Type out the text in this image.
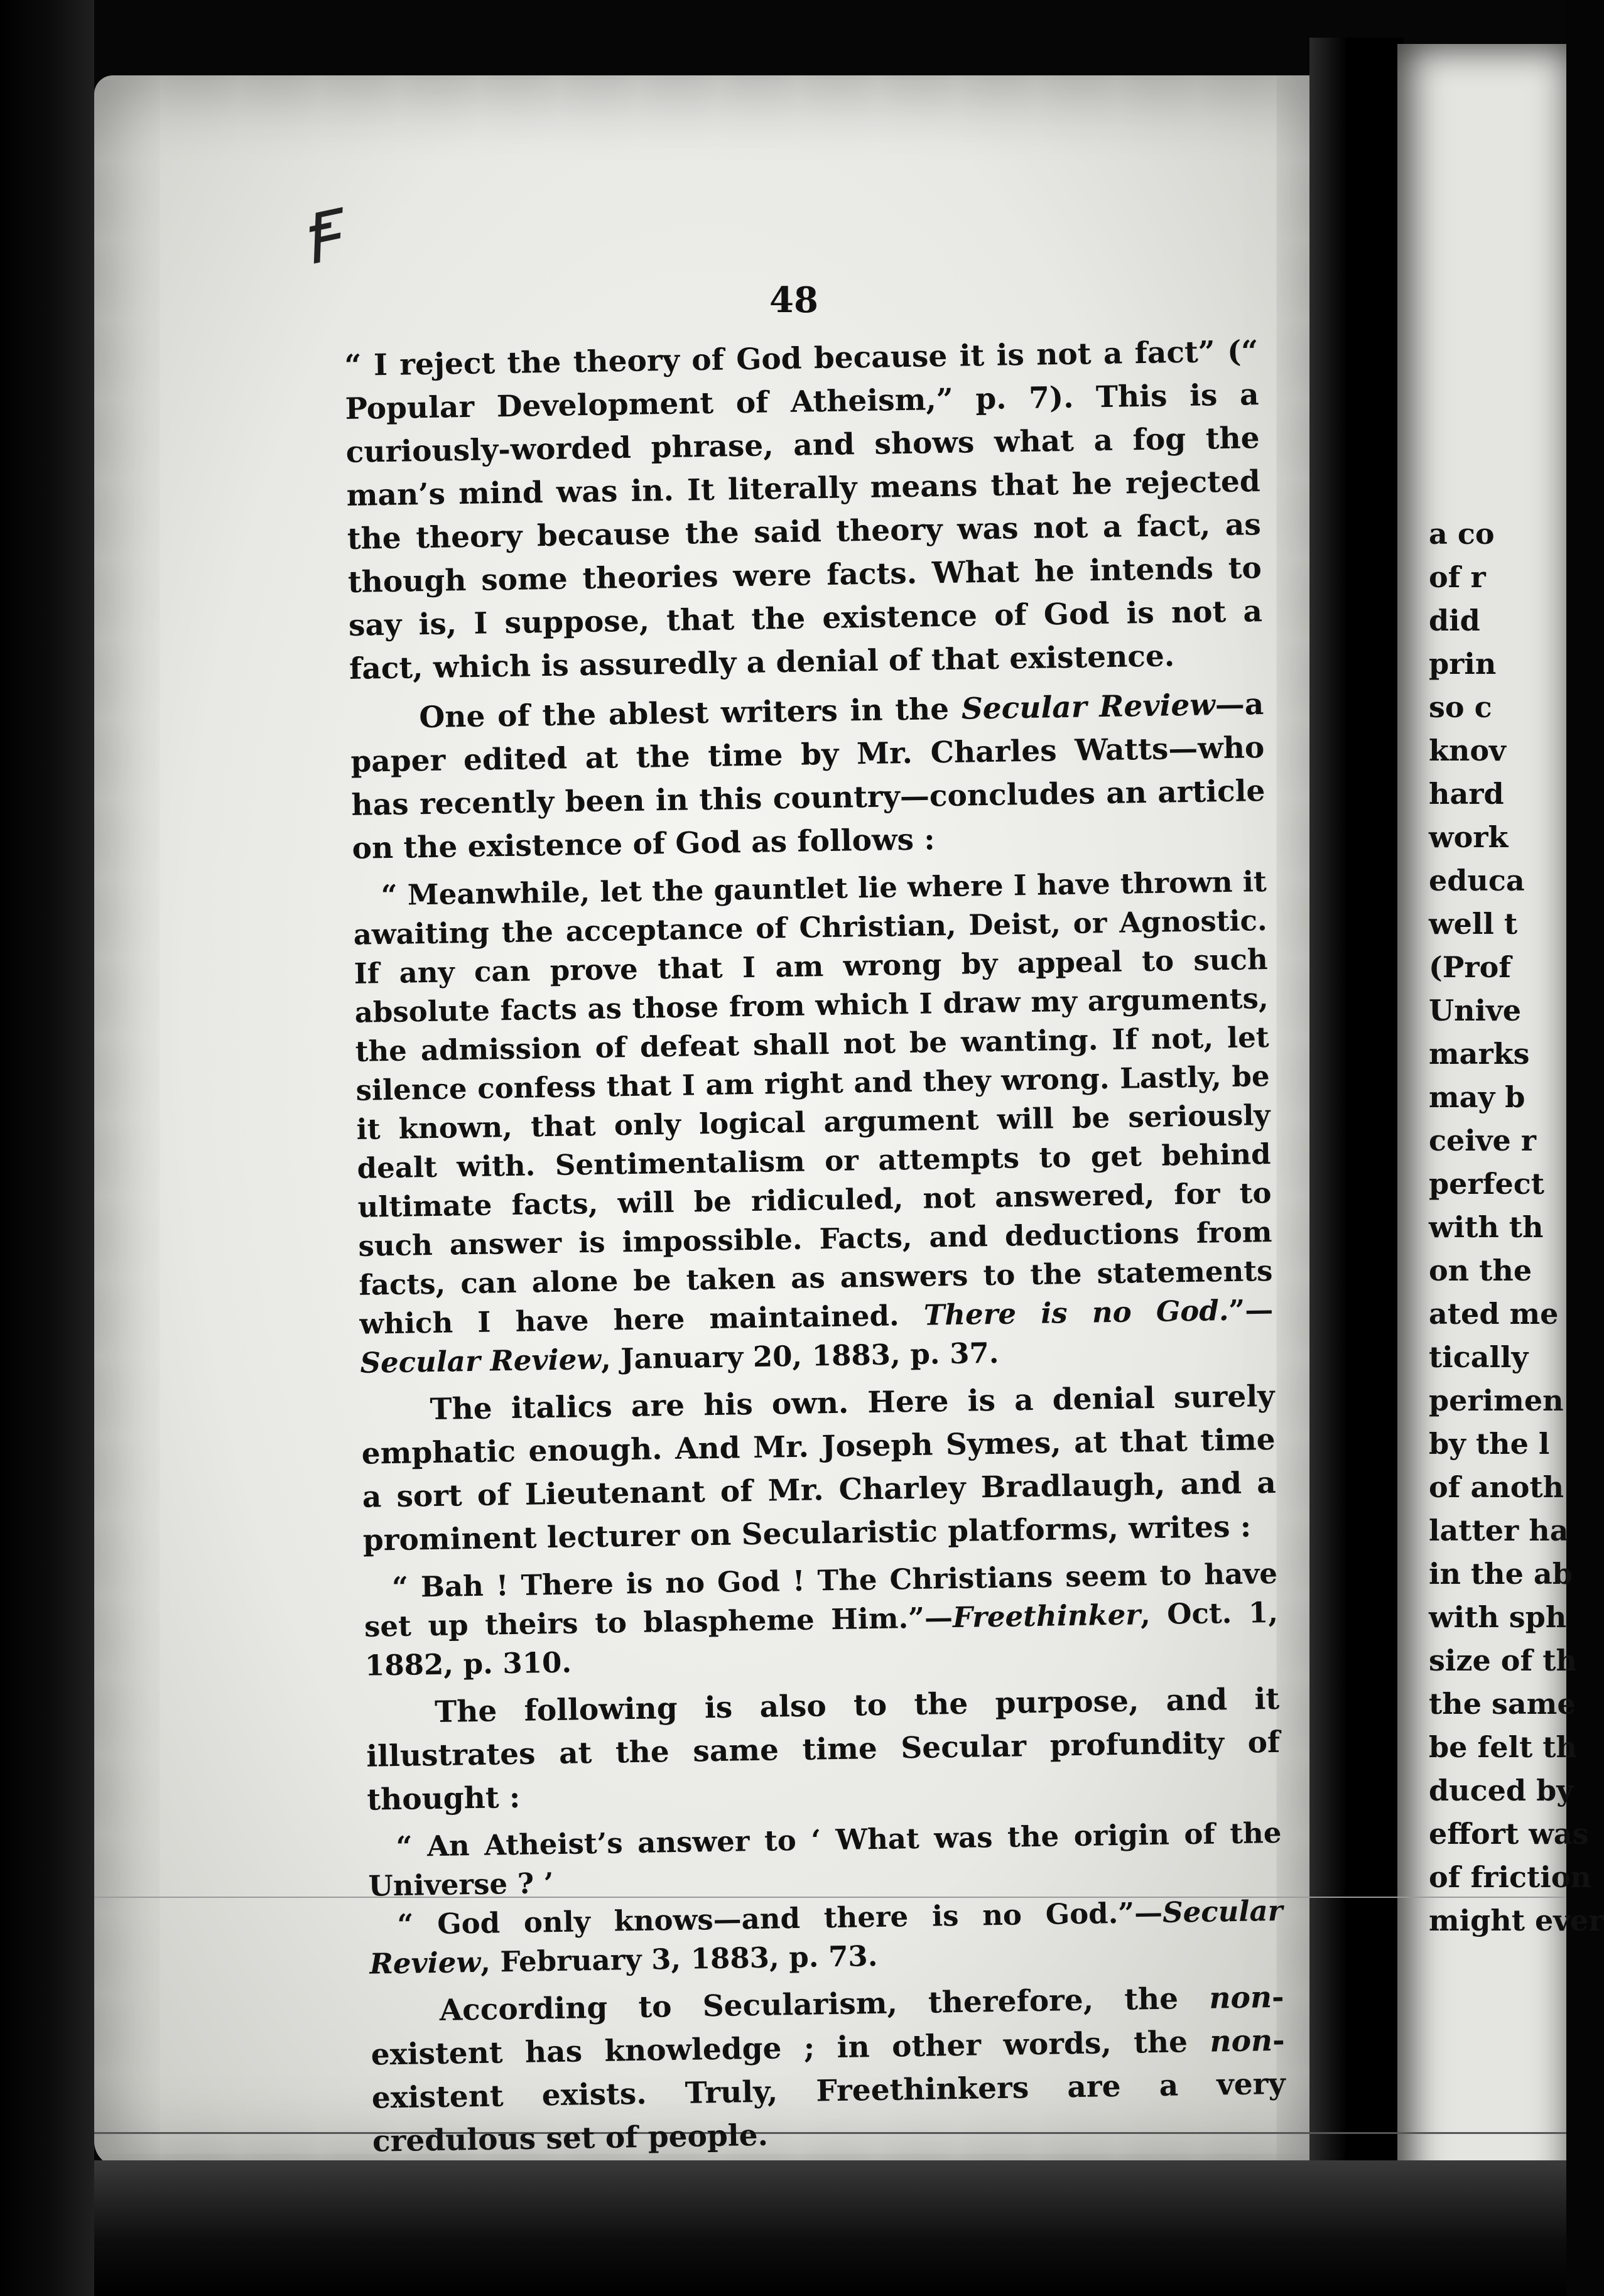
Ꞙ
48

“ I reject the theory of God because it is not a fact” (“ Popular Development of Atheism,” p. 7). This is a curiously-worded phrase, and shows what a fog the man’s mind was in. It literally means that he rejected the theory because the said theory was not a fact, as though some theories were facts. What he intends to say is, I suppose, that the existence of God is not a fact, which is assuredly a denial of that existence.

One of the ablest writers in the Secular Review—a paper edited at the time by Mr. Charles Watts—who has recently been in this country—concludes an article on the existence of God as follows :

“ Meanwhile, let the gauntlet lie where I have thrown it awaiting the acceptance of Christian, Deist, or Agnostic. If any can prove that I am wrong by appeal to such absolute facts as those from which I draw my arguments, the admission of defeat shall not be wanting. If not, let silence confess that I am right and they wrong. Lastly, be it known, that only logical argument will be seriously dealt with. Sentimentalism or attempts to get behind ultimate facts, will be ridiculed, not answered, for to such answer is impossible. Facts, and deductions from facts, can alone be taken as answers to the statements which I have here maintained. There is no God.”—Secular Review, January 20, 1883, p. 37.

The italics are his own. Here is a denial surely emphatic enough. And Mr. Joseph Symes, at that time a sort of Lieutenant of Mr. Charley Bradlaugh, and a prominent lecturer on Secularistic platforms, writes :

“ Bah ! There is no God ! The Christians seem to have set up theirs to blaspheme Him.”—Freethinker, Oct. 1, 1882, p. 310.

The following is also to the purpose, and it illustrates at the same time Secular profundity of thought :

“ An Atheist’s answer to ‘ What was the origin of the Universe ? ’

“ God only knows—and there is no God.”—Secular Review, February 3, 1883, p. 73.

According to Secularism, therefore, the non-existent has knowledge ; in other words, the non-existent exists. Truly, Freethinkers are a very credulous set of people.

a co
of r
did
prin
so c
knov
hard
work
educa
well t
(Prof
Unive
marks
may b
ceive r
perfect
with th
on the
ated me
tically
perimen
by the l
of anoth
latter ha
in the ab
with sph
size of th
the same
be felt th
duced by
effort was
of friction
might ever
